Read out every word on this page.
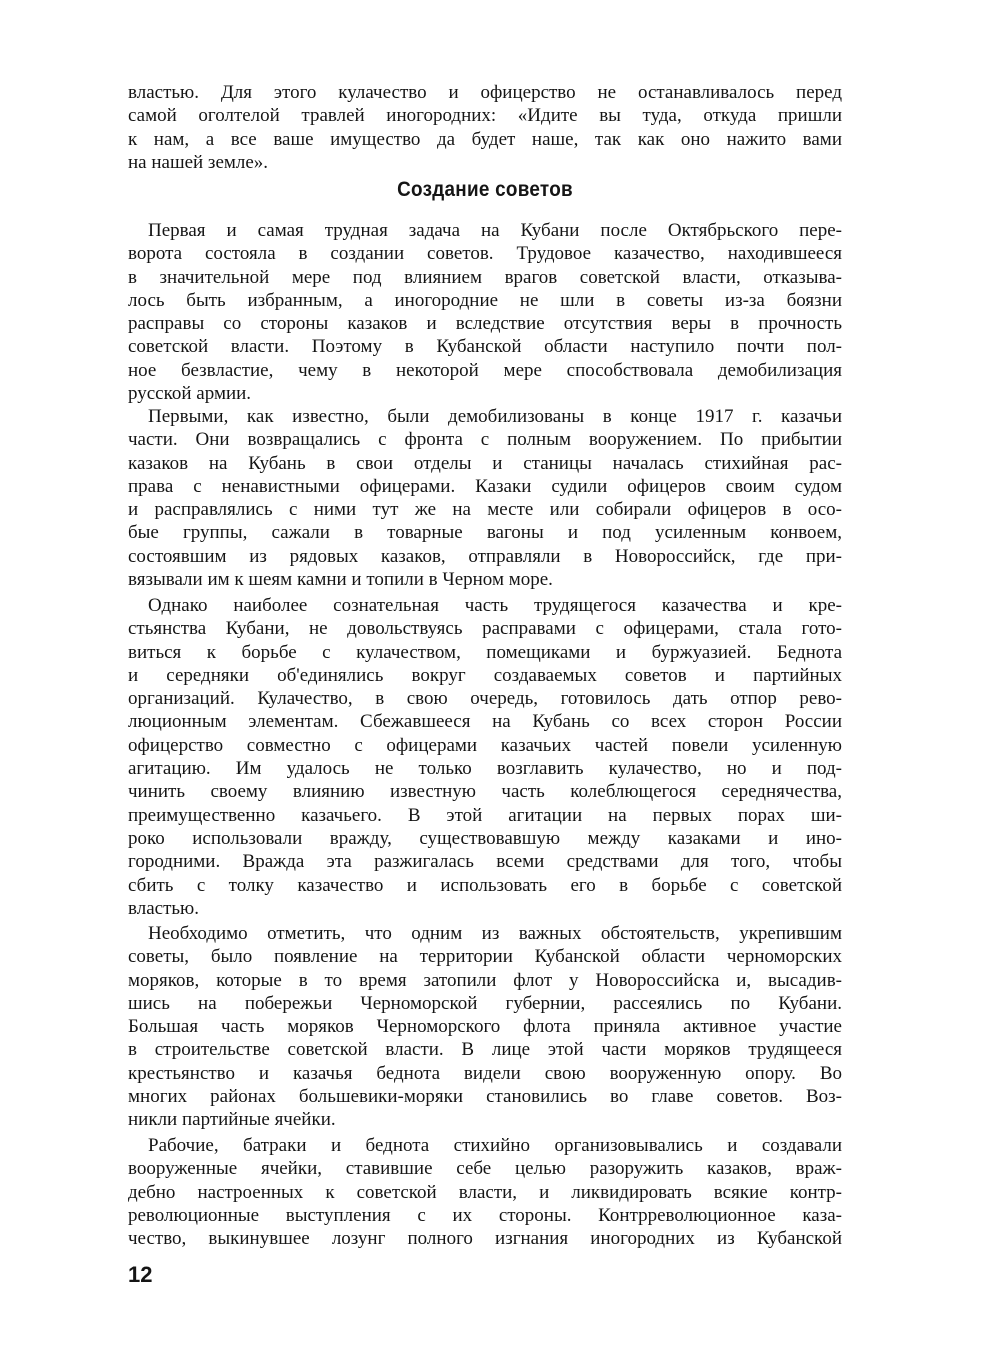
Создание советов
властью. Для этого кулачество и офицерство не останавливалось перед
самой оголтелой травлей иногородних: «Идите вы туда, откуда пришли
к нам, а все ваше имущество да будет наше, так как оно нажито вами
на нашей земле».
Первая и самая трудная задача на Кубани после Октябрьского пере-
ворота состояла в создании советов. Трудовое казачество, находившееся
в значительной мере под влиянием врагов советской власти, отказыва-
лось быть избранным, а иногородние не шли в советы из-за боязни
расправы со стороны казаков и вследствие отсутствия веры в прочность
советской власти. Поэтому в Кубанской области наступило почти пол-
ное безвластие, чему в некоторой мере способствовала демобилизация
русской армии.
Первыми, как известно, были демобилизованы в конце 1917 г. казачьи
части. Они возвращались с фронта с полным вооружением. По прибытии
казаков на Кубань в свои отделы и станицы началась стихийная рас-
права с ненавистными офицерами. Казаки судили офицеров своим судом
и расправлялись с ними тут же на месте или собирали офицеров в осо-
бые группы, сажали в товарные вагоны и под усиленным конвоем,
состоявшим из рядовых казаков, отправляли в Новороссийск, где при-
вязывали им к шеям камни и топили в Черном море.
Однако наиболее сознательная часть трудящегося казачества и кре-
стьянства Кубани, не довольствуясь расправами с офицерами, стала гото-
виться к борьбе с кулачеством, помещиками и буржуазией. Беднота
и середняки об'единялись вокруг создаваемых советов и партийных
организаций. Кулачество, в свою очередь, готовилось дать отпор рево-
люционным элементам. Сбежавшееся на Кубань со всех сторон России
офицерство совместно с офицерами казачьих частей повели усиленную
агитацию. Им удалось не только возглавить кулачество, но и под-
чинить своему влиянию известную часть колеблющегося середнячества,
преимущественно казачьего. В этой агитации на первых порах ши-
роко использовали вражду, существовавшую между казаками и ино-
городними. Вражда эта разжигалась всеми средствами для того, чтобы
сбить с толку казачество и использовать его в борьбе с советской
властью.
Необходимо отметить, что одним из важных обстоятельств, укрепившим
советы, было появление на территории Кубанской области черноморских
моряков, которые в то время затопили флот у Новороссийска и, высадив-
шись на побережьи Черноморской губернии, рассеялись по Кубани.
Большая часть моряков Черноморского флота приняла активное участие
в строительстве советской власти. В лице этой части моряков трудящееся
крестьянство и казачья беднота видели свою вооруженную опору. Во
многих районах большевики-моряки становились во главе советов. Воз-
никли партийные ячейки.
Рабочие, батраки и беднота стихийно организовывались и создавали
вооруженные ячейки, ставившие себе целью разоружить казаков, враж-
дебно настроенных к советской власти, и ликвидировать всякие контр-
революционные выступления с их стороны. Контрреволюционное каза-
чество, выкинувшее лозунг полного изгнания иногородних из Кубанской
12
